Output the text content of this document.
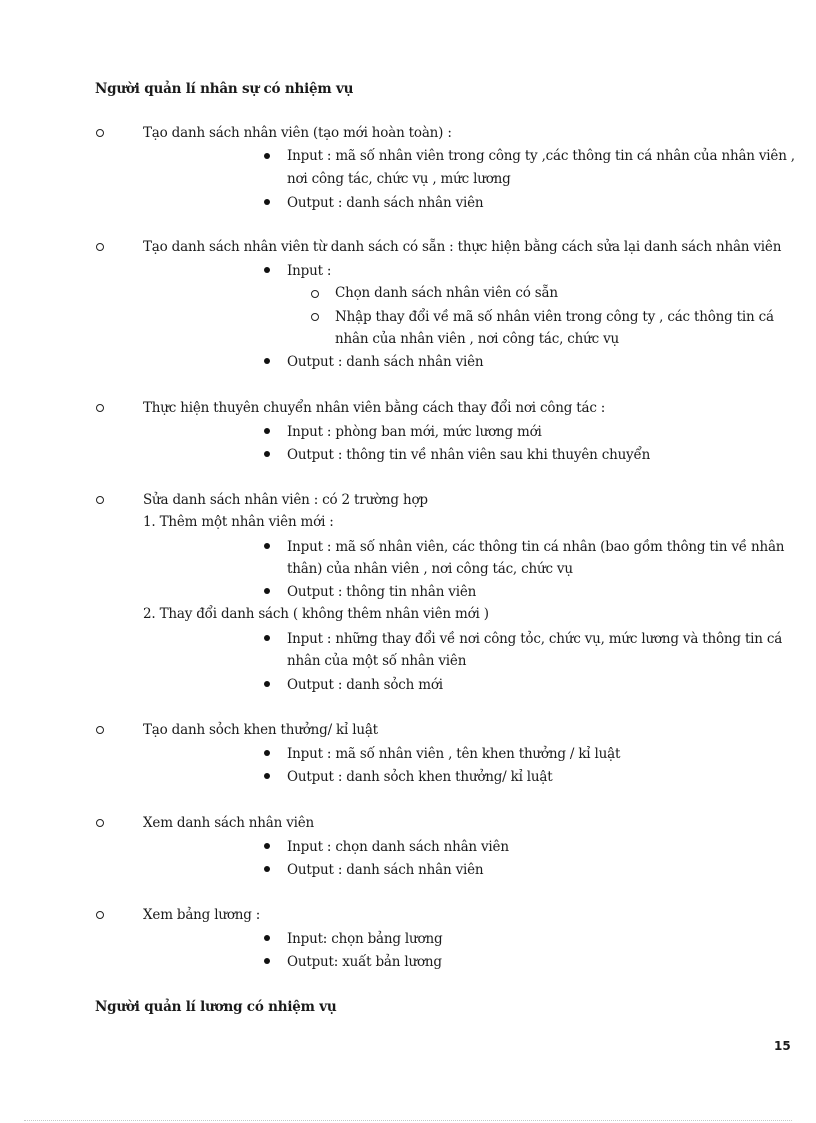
Người quản lí nhân sự có nhiệm vụ
Tạo danh sách nhân viên (tạo mới hoàn toàn) :
Input : mã số nhân viên trong công ty ,các thông tin cá nhân của nhân viên ,
nơi công tác, chức vụ , mức lương
Output : danh sách nhân viên
Tạo danh sách nhân viên từ danh sách có sẵn : thực hiện bằng cách sửa lại danh sách nhân viên
Input :
Chọn danh sách nhân viên có sẵn
Nhập thay đổi về mã số nhân viên trong công ty , các thông tin cá
nhân của nhân viên , nơi công tác, chức vụ
Output : danh sách nhân viên
Thực hiện thuyên chuyển nhân viên bằng cách thay đổi nơi công tác :
Input : phòng ban mới, mức lương mới
Output : thông tin về nhân viên sau khi thuyên chuyển
Sửa danh sách nhân viên : có 2 trường hợp
1. Thêm một nhân viên mới :
Input : mã số nhân viên, các thông tin cá nhân (bao gồm thông tin về nhân
thân) của nhân viên , nơi công tác, chức vụ
Output : thông tin nhân viên
2. Thay đổi danh sách ( không thêm nhân viên mới )
Input : những thay đổi về nơi công tỏc, chức vụ, mức lương và thông tin cá
nhân của một số nhân viên
Output : danh sỏch mới
Tạo danh sỏch khen thưởng/ kỉ luật
Input : mã số nhân viên , tên khen thưởng / kỉ luật
Output : danh sỏch khen thưởng/ kỉ luật
Xem danh sách nhân viên
Input : chọn danh sách nhân viên
Output : danh sách nhân viên
Xem bảng lương :
Input: chọn bảng lương
Output: xuất bản lương
Người quản lí lương có nhiệm vụ
15
